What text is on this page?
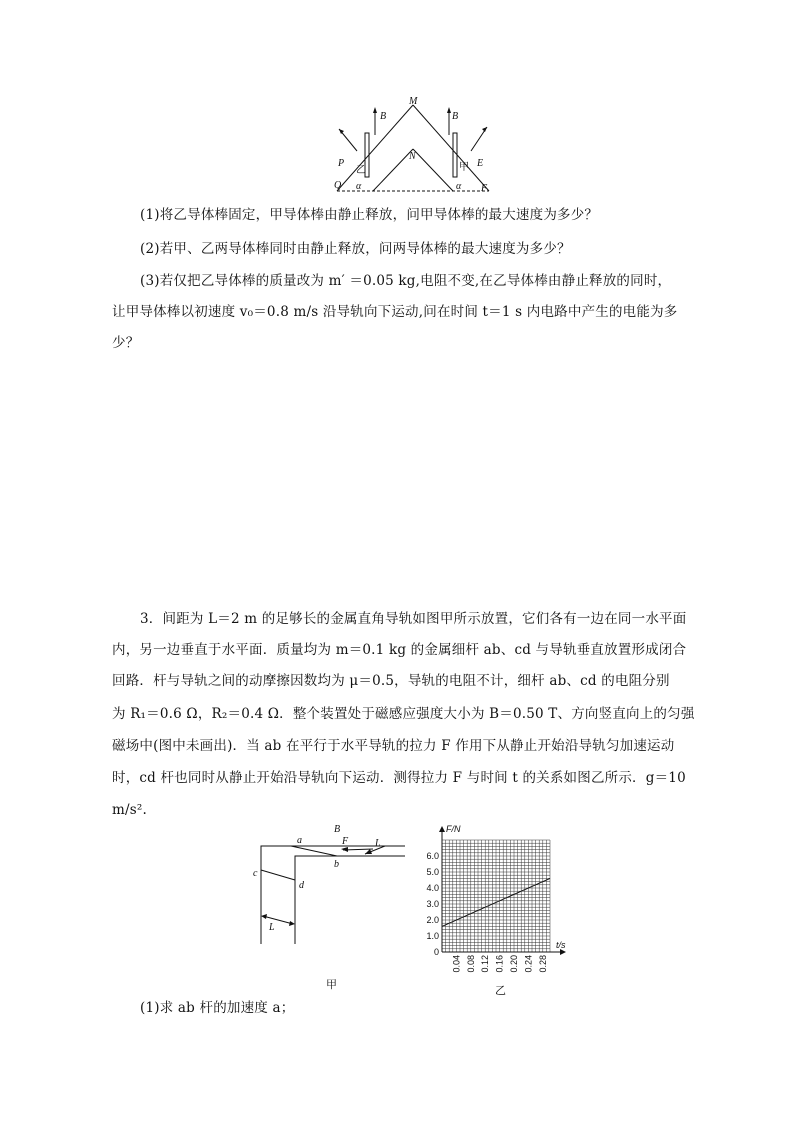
B
M
B
N
P
Q
E
F
乙	甲
α	α
(1)将乙导体棒固定，甲导体棒由静止释放，问甲导体棒的最大速度为多少？
(2)若甲、乙两导体棒同时由静止释放，问两导体棒的最大速度为多少？
(3)若仅把乙导体棒的质量改为 m′ ＝0.05 kg,电阻不变,在乙导体棒由静止释放的同时，
让甲导体棒以初速度 v₀＝0.8 m/s 沿导轨向下运动,问在时间 t＝1 s 内电路中产生的电能为多
少？
3．间距为 L＝2 m 的足够长的金属直角导轨如图甲所示放置，它们各有一边在同一水平面
内，另一边垂直于水平面．质量均为 m＝0.1 kg 的金属细杆 ab、cd 与导轨垂直放置形成闭合
回路．杆与导轨之间的动摩擦因数均为 μ＝0.5，导轨的电阻不计，细杆 ab、cd 的电阻分别
为 R₁＝0.6 Ω，R₂＝0.4 Ω．整个装置处于磁感应强度大小为 B＝0.50 T、方向竖直向上的匀强
磁场中(图中未画出)．当 ab 在平行于水平导轨的拉力 F 作用下从静止开始沿导轨匀加速运动
时，cd 杆也同时从静止开始沿导轨向下运动．测得拉力 F 与时间 t 的关系如图乙所示．g＝10
m/s².
B
a	F	L
b
c
d
L
甲
F/N
t/s
0
1.0
2.0
3.0
4.0
5.0
6.0
0.04 0.08 0.12 0.16 0.20 0.24 0.28
乙
(1)求 ab 杆的加速度 a；
